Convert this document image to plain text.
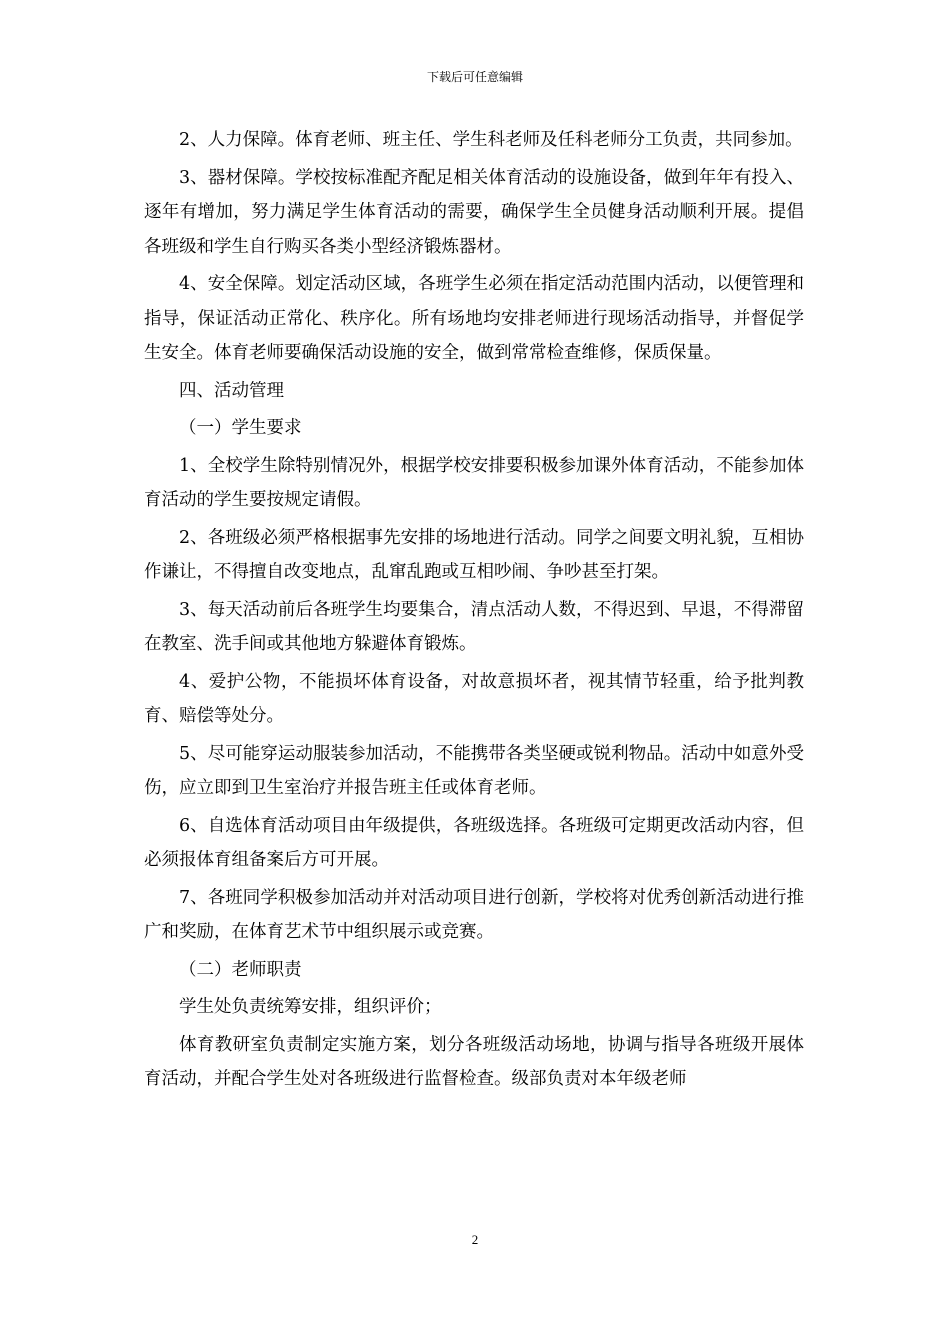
下载后可任意编辑

2、人力保障。体育老师、班主任、学生科老师及任科老师分工负责，共同参加。

3、器材保障。学校按标准配齐配足相关体育活动的设施设备，做到年年有投入、逐年有增加，努力满足学生体育活动的需要，确保学生全员健身活动顺利开展。提倡各班级和学生自行购买各类小型经济锻炼器材。

4、安全保障。划定活动区域，各班学生必须在指定活动范围内活动，以便管理和指导，保证活动正常化、秩序化。所有场地均安排老师进行现场活动指导，并督促学生安全。体育老师要确保活动设施的安全，做到常常检查维修，保质保量。

四、活动管理

（一）学生要求

1、全校学生除特别情况外，根据学校安排要积极参加课外体育活动，不能参加体育活动的学生要按规定请假。

2、各班级必须严格根据事先安排的场地进行活动。同学之间要文明礼貌，互相协作谦让，不得擅自改变地点，乱窜乱跑或互相吵闹、争吵甚至打架。

3、每天活动前后各班学生均要集合，清点活动人数，不得迟到、早退，不得滞留在教室、洗手间或其他地方躲避体育锻炼。

4、爱护公物，不能损坏体育设备，对故意损坏者，视其情节轻重，给予批判教育、赔偿等处分。

5、尽可能穿运动服装参加活动，不能携带各类坚硬或锐利物品。活动中如意外受伤，应立即到卫生室治疗并报告班主任或体育老师。

6、自选体育活动项目由年级提供，各班级选择。各班级可定期更改活动内容，但必须报体育组备案后方可开展。

7、各班同学积极参加活动并对活动项目进行创新，学校将对优秀创新活动进行推广和奖励，在体育艺术节中组织展示或竞赛。

（二）老师职责

学生处负责统筹安排，组织评价；

体育教研室负责制定实施方案，划分各班级活动场地，协调与指导各班级开展体育活动，并配合学生处对各班级进行监督检查。级部负责对本年级老师

2
